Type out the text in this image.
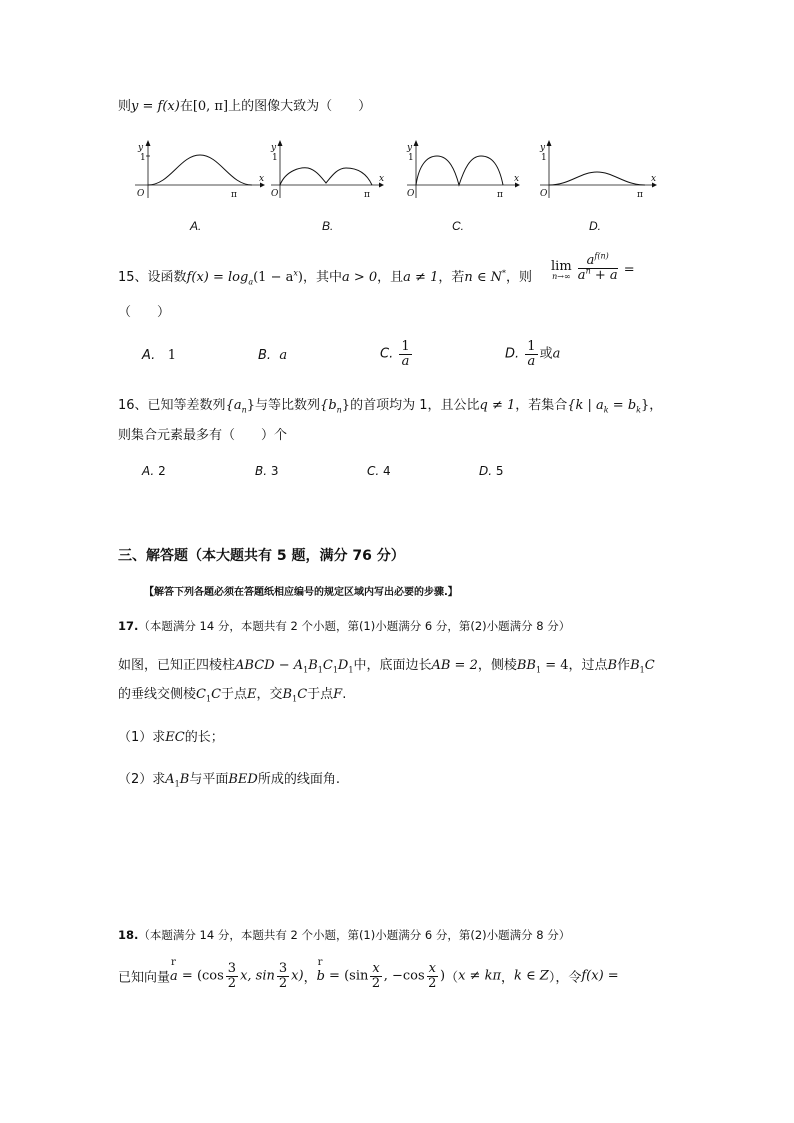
则y = f(x)在[0, π]上的图像大致为（　　）
y
1
O
x
π
y
1
O
x
π
y
1
O
x
π
y
1
O
x
π
A.	B.	C.	D.
15、设函数$f(x) = \log_a(1 - a^x)$，其中a > 0，且a ≠ 1，若n ∈ N*，则
lim
n→∞
$\frac{a^{f(n)}}{a^n + a}$ =
（　　）
A. 1	B. a	C. $\frac{1}{a}$	D. $\frac{1}{a}$ 或a
16、已知等差数列$\{a_n\}$与等比数列$\{b_n\}$的首项均为 1，且公比q ≠ 1，若集合{k | $a_k = b_k$}，
则集合元素最多有（　　）个
A. 2	B. 3	C. 4	D. 5
三、解答题（本大题共有 5 题，满分 76 分）
【解答下列各题必须在答题纸相应编号的规定区域内写出必要的步骤.】
17.（本题满分 14 分，本题共有 2 个小题，第(1)小题满分 6 分，第(2)小题满分 8 分）
如图，已知正四棱柱ABCD − $A_1B_1C_1D_1$中，底面边长AB = 2，侧棱$BB_1 = 4$，过点B作$B_1C$
的垂线交侧棱$C_1C$于点E，交$B_1C$于点F.
（1）求EC的长；
（2）求$A_1B$与平面BED所成的线面角.
18.（本题满分 14 分，本题共有 2 个小题，第(1)小题满分 6 分，第(2)小题满分 8 分）
已知向量
r
$a = (\cos \frac{3}{2} x$, $\sin \frac{3}{2} x$)，
r
$b = (\sin \frac{x}{2}$ , $-\cos \frac{x}{2} )(x \ne k\pi$，k ∈ Z），令f(x) =
